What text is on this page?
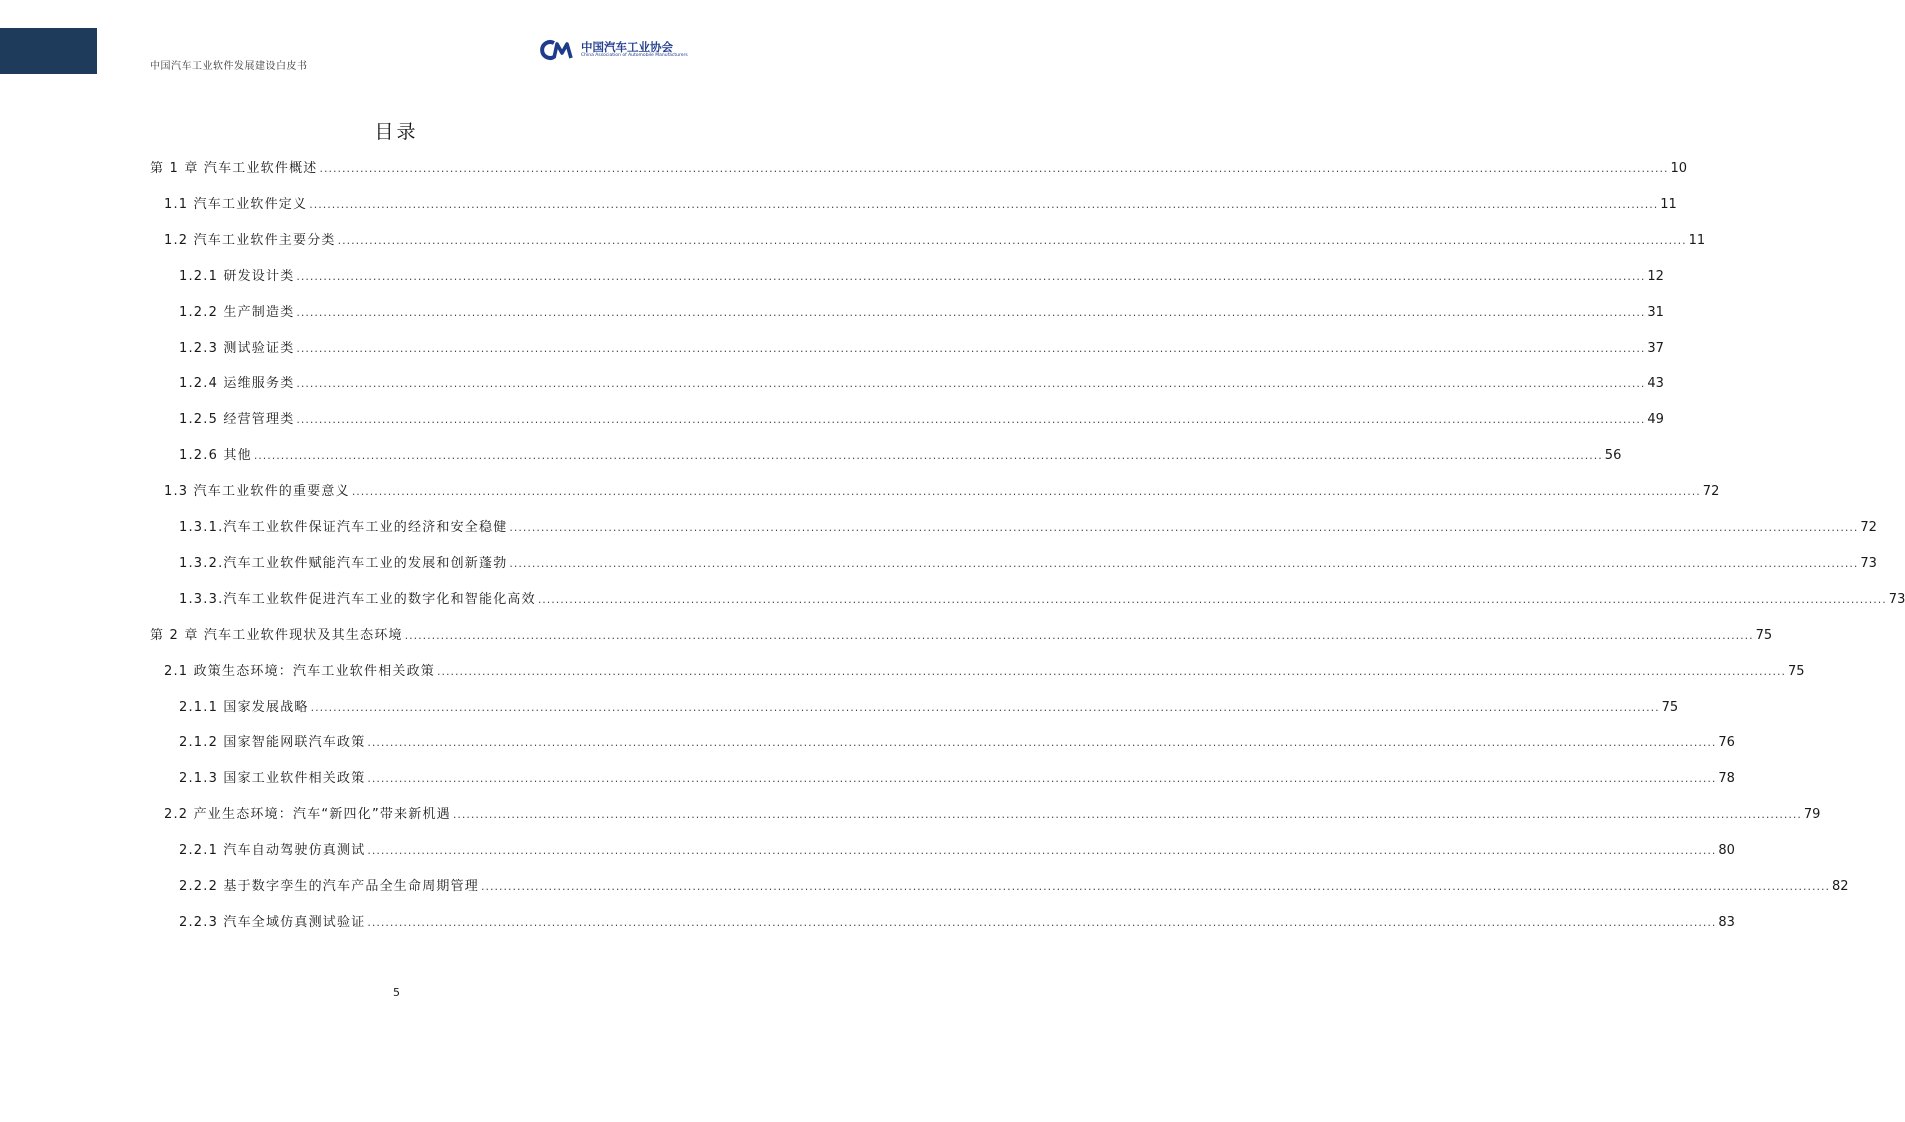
中国汽车工业软件发展建设白皮书
中国汽车工业协会
China Association of Automobile Manufacturers
目录
第 1 章 汽车工业软件概述 ............................................................................................................................................................................................................................................................................................................ 10
1.1 汽车工业软件定义 ............................................................................................................................................................................................................................................................................................................ 11
1.2 汽车工业软件主要分类 ............................................................................................................................................................................................................................................................................................................ 11
1.2.1 研发设计类 ............................................................................................................................................................................................................................................................................................................ 12
1.2.2 生产制造类 ............................................................................................................................................................................................................................................................................................................ 31
1.2.3 测试验证类 ............................................................................................................................................................................................................................................................................................................ 37
1.2.4 运维服务类 ............................................................................................................................................................................................................................................................................................................ 43
1.2.5 经营管理类 ............................................................................................................................................................................................................................................................................................................ 49
1.2.6 其他 ............................................................................................................................................................................................................................................................................................................ 56
1.3 汽车工业软件的重要意义 ............................................................................................................................................................................................................................................................................................................ 72
1.3.1.汽车工业软件保证汽车工业的经济和安全稳健 ............................................................................................................................................................................................................................................................................................................ 72
1.3.2.汽车工业软件赋能汽车工业的发展和创新蓬勃 ............................................................................................................................................................................................................................................................................................................ 73
1.3.3.汽车工业软件促进汽车工业的数字化和智能化高效 ............................................................................................................................................................................................................................................................................................................ 73
第 2 章 汽车工业软件现状及其生态环境 ............................................................................................................................................................................................................................................................................................................ 75
2.1 政策生态环境：汽车工业软件相关政策 ............................................................................................................................................................................................................................................................................................................ 75
2.1.1 国家发展战略 ............................................................................................................................................................................................................................................................................................................ 75
2.1.2 国家智能网联汽车政策 ............................................................................................................................................................................................................................................................................................................ 76
2.1.3 国家工业软件相关政策 ............................................................................................................................................................................................................................................................................................................ 78
2.2 产业生态环境：汽车“新四化”带来新机遇 ............................................................................................................................................................................................................................................................................................................ 79
2.2.1 汽车自动驾驶仿真测试 ............................................................................................................................................................................................................................................................................................................ 80
2.2.2 基于数字孪生的汽车产品全生命周期管理 ............................................................................................................................................................................................................................................................................................................ 82
2.2.3 汽车全域仿真测试验证 ............................................................................................................................................................................................................................................................................................................ 83
5
